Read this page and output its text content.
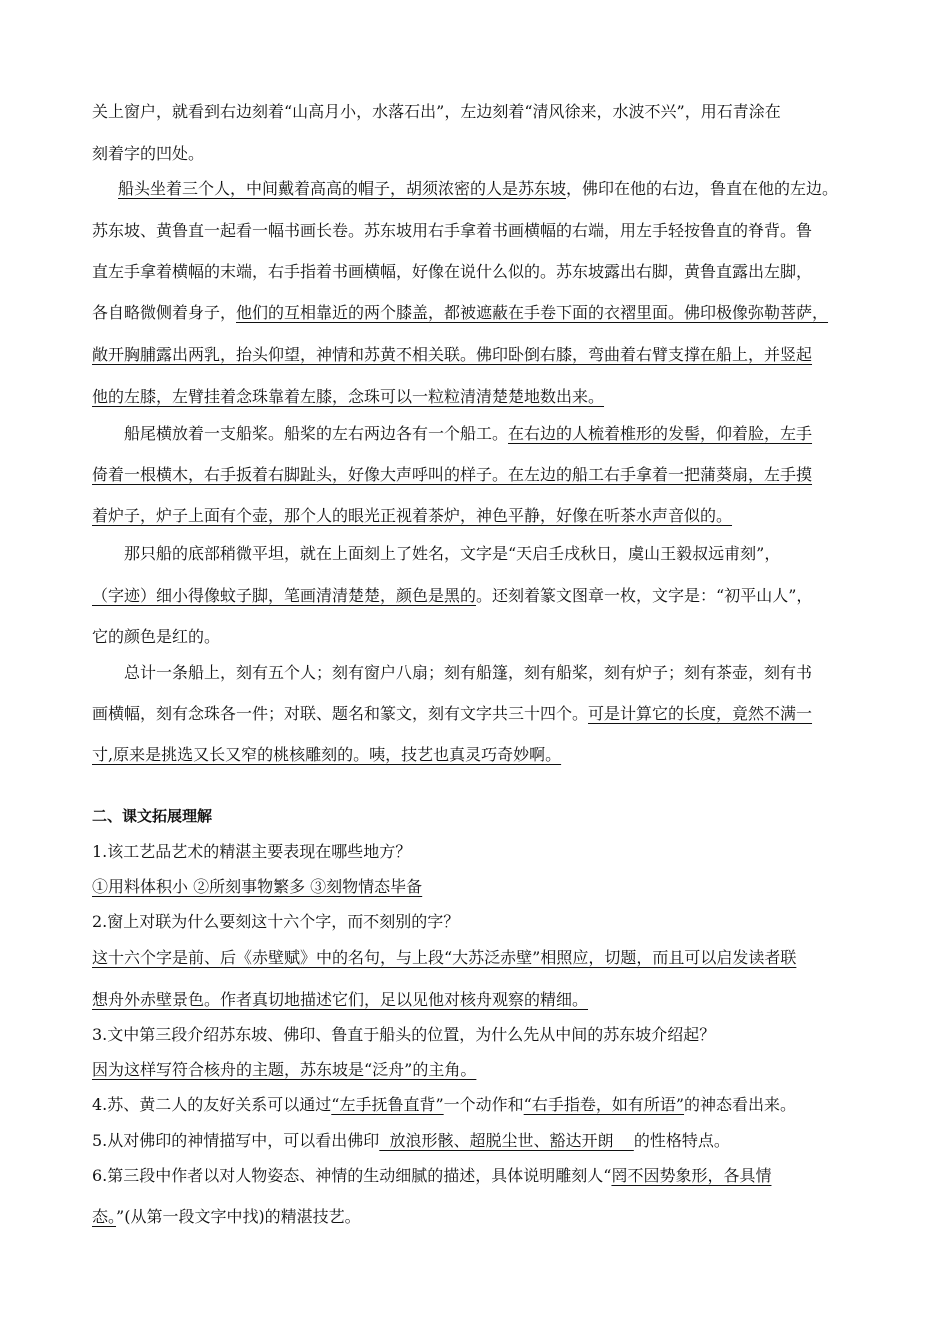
关上窗户，就看到右边刻着“山高月小，水落石出”，左边刻着“清风徐来，水波不兴”，用石青涂在
刻着字的凹处。
船头坐着三个人，中间戴着高高的帽子，胡须浓密的人是苏东坡，佛印在他的右边，鲁直在他的左边。
苏东坡、黄鲁直一起看一幅书画长卷。苏东坡用右手拿着书画横幅的右端，用左手轻按鲁直的脊背。鲁
直左手拿着横幅的末端，右手指着书画横幅，好像在说什么似的。苏东坡露出右脚，黄鲁直露出左脚，
各自略微侧着身子，他们的互相靠近的两个膝盖，都被遮蔽在手卷下面的衣褶里面。佛印极像弥勒菩萨，
敞开胸脯露出两乳，抬头仰望，神情和苏黄不相关联。佛印卧倒右膝，弯曲着右臂支撑在船上，并竖起
他的左膝，左臂挂着念珠靠着左膝，念珠可以一粒粒清清楚楚地数出来。
船尾横放着一支船桨。船桨的左右两边各有一个船工。在右边的人梳着椎形的发髻，仰着脸，左手
倚着一根横木，右手扳着右脚趾头，好像大声呼叫的样子。在左边的船工右手拿着一把蒲葵扇，左手摸
着炉子，炉子上面有个壶，那个人的眼光正视着茶炉，神色平静，好像在听茶水声音似的。
那只船的底部稍微平坦，就在上面刻上了姓名，文字是“天启壬戌秋日，虞山王毅叔远甫刻”，
（字迹）细小得像蚊子脚，笔画清清楚楚，颜色是黑的。还刻着篆文图章一枚，文字是：“初平山人”，
它的颜色是红的。
总计一条船上，刻有五个人；刻有窗户八扇；刻有船篷，刻有船桨，刻有炉子；刻有茶壶，刻有书
画横幅，刻有念珠各一件；对联、题名和篆文，刻有文字共三十四个。可是计算它的长度，竟然不满一
寸,原来是挑选又长又窄的桃核雕刻的。咦，技艺也真灵巧奇妙啊。
二、课文拓展理解
1.该工艺品艺术的精湛主要表现在哪些地方？
①用料体积小 ②所刻事物繁多 ③刻物情态毕备
2.窗上对联为什么要刻这十六个字，而不刻别的字？
这十六个字是前、后《赤壁赋》中的名句，与上段“大苏泛赤壁”相照应，切题，而且可以启发读者联
想舟外赤壁景色。作者真切地描述它们，足以见他对核舟观察的精细。
3.文中第三段介绍苏东坡、佛印、鲁直于船头的位置，为什么先从中间的苏东坡介绍起？
因为这样写符合核舟的主题，苏东坡是“泛舟”的主角。
4.苏、黄二人的友好关系可以通过“左手抚鲁直背”一个动作和“右手指卷，如有所语”的神态看出来。
5.从对佛印的神情描写中，可以看出佛印  放浪形骸、超脱尘世、豁达开朗    的性格特点。
6.第三段中作者以对人物姿态、神情的生动细腻的描述，具体说明雕刻人“罔不因势象形，各具情
态。”(从第一段文字中找)的精湛技艺。
